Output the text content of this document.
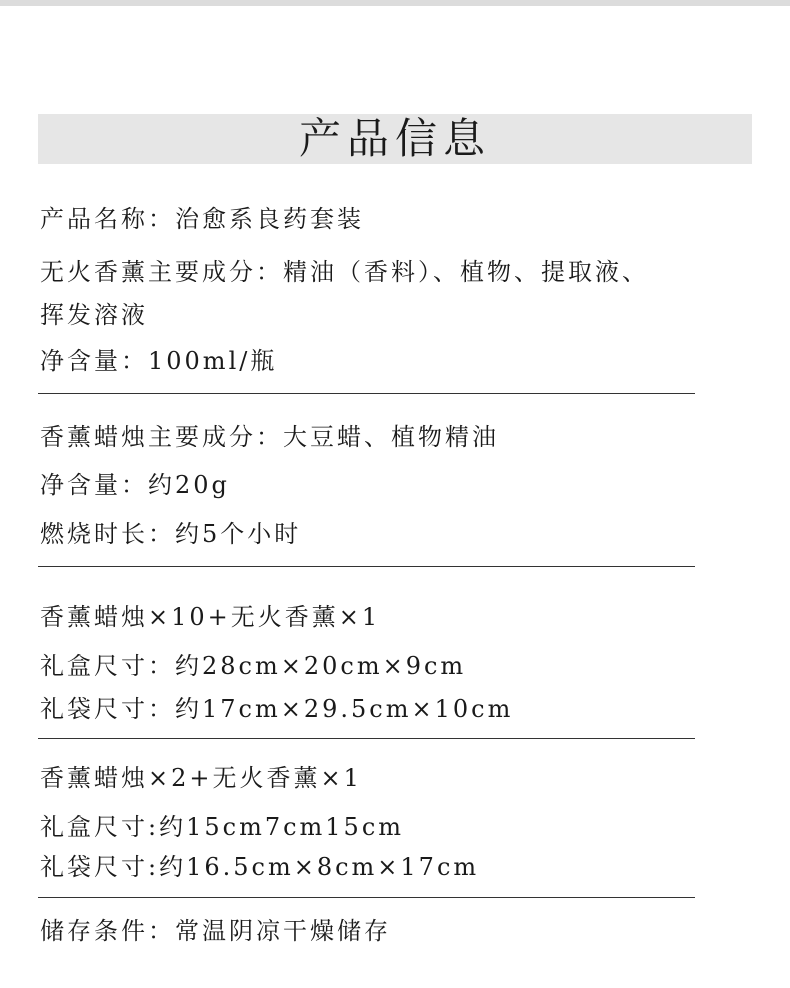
产品信息
产品名称：治愈系良药套装
无火香薰主要成分：精油（香料）、植物、提取液、
挥发溶液
净含量：100ml/瓶
香薰蜡烛主要成分：大豆蜡、植物精油
净含量：约20g
燃烧时长：约5个小时
香薰蜡烛×10+无火香薰×1
礼盒尺寸：约28cm×20cm×9cm
礼袋尺寸：约17cm×29.5cm×10cm
香薰蜡烛×2+无火香薰×1
礼盒尺寸:约15cm7cm15cm
礼袋尺寸:约16.5cm×8cm×17cm
储存条件：常温阴凉干燥储存
